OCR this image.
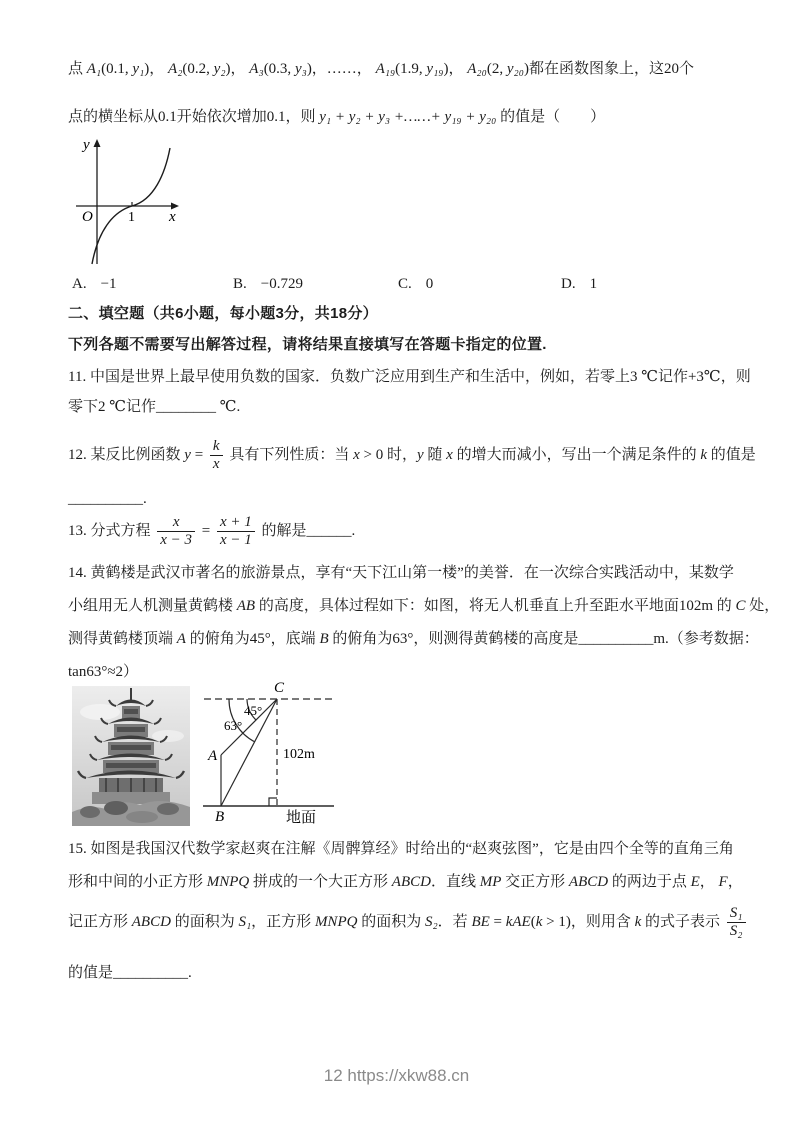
点 A₁(0.1, y₁)， A₂(0.2, y₂)， A₃(0.3, y₃)，……， A₁₉(1.9, y₁₉)， A₂₀(2, y₂₀)都在函数图象上，这20个
点的横坐标从0.1开始依次增加0.1，则 y₁ + y₂ + y₃ +……+ y₁₉ + y₂₀ 的值是（　　）
y
O	1 x
A. −1	B. −0.729	C. 0	D. 1
二、填空题（共6小题，每小题3分，共18分）
下列各题不需要写出解答过程，请将结果直接填写在答题卡指定的位置.
11. 中国是世界上最早使用负数的国家．负数广泛应用到生产和生活中，例如，若零上3 ℃记作+3℃，则
零下2 ℃记作________ ℃.
12. 某反比例函数 $y = \frac{k}{x}$ 具有下列性质：当 x > 0 时，y 随 x 的增大而减小，写出一个满足条件的 k 的值是
__________.
13. 分式方程 $\frac{x}{x - 3} = \frac{x + 1}{x - 1}$ 的解是______.
14. 黄鹤楼是武汉市著名的旅游景点，享有“天下江山第一楼”的美誉．在一次综合实践活动中，某数学
小组用无人机测量黄鹤楼 AB 的高度，具体过程如下：如图，将无人机垂直上升至距水平地面102m 的 C 处，
测得黄鹤楼顶端 A 的俯角为45°，底端 B 的俯角为63°，则测得黄鹤楼的高度是__________m.（参考数据：
tan63°≈2）
C
A
B
45°
63°
102m
地面
15. 如图是我国汉代数学家赵爽在注解《周髀算经》时给出的“赵爽弦图”，它是由四个全等的直角三角
形和中间的小正方形 MNPQ 拼成的一个大正方形 ABCD．直线 MP 交正方形 ABCD 的两边于点 E， F，
记正方形 ABCD 的面积为 S₁，正方形 MNPQ 的面积为 S₂．若 BE = kAE(k > 1)，则用含 k 的式子表示 $\frac{\text{S₁}}{\text{S₂}}$
的值是__________.
12 https://xkw88.cn
